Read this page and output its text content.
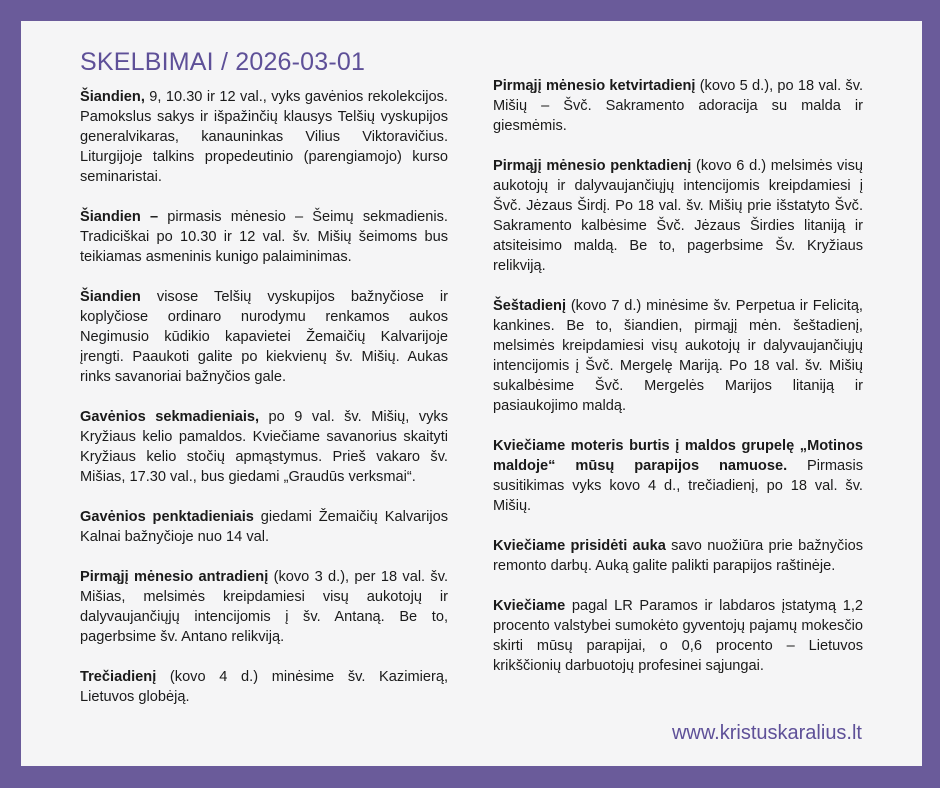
SKELBIMAI / 2026-03-01

Šiandien, 9, 10.30 ir 12 val., vyks gavėnios rekolekcijos. Pamokslus sakys ir išpažinčių klausys Telšių vyskupijos generalvikaras, kanauninkas Vilius Viktoravičius. Liturgijoje talkins propedeutinio (parengiamojo) kurso seminaristai.

Šiandien – pirmasis mėnesio – Šeimų sekmadienis. Tradiciškai po 10.30 ir 12 val. šv. Mišių šeimoms bus teikiamas asmeninis kunigo palaiminimas.

Šiandien visose Telšių vyskupijos bažnyčiose ir koplyčiose ordinaro nurodymu renkamos aukos Negimusio kūdikio kapavietei Žemaičių Kalvarijoje įrengti. Paaukoti galite po kiekvienų šv. Mišių. Aukas rinks savanoriai bažnyčios gale.

Gavėnios sekmadieniais, po 9 val. šv. Mišių, vyks Kryžiaus kelio pamaldos. Kviečiame savanorius skaityti Kryžiaus kelio stočių apmąstymus. Prieš vakaro šv. Mišias, 17.30 val., bus giedami „Graudūs verksmai“.

Gavėnios penktadieniais giedami Žemaičių Kalvarijos Kalnai bažnyčioje nuo 14 val.

Pirmąjį mėnesio antradienį (kovo 3 d.), per 18 val. šv. Mišias, melsimės kreipdamiesi visų aukotojų ir dalyvaujančiųjų intencijomis į šv. Antaną. Be to, pagerbsime šv. Antano relikviją.

Trečiadienį (kovo 4 d.) minėsime šv. Kazimierą, Lietuvos globėją.

Pirmąjį mėnesio ketvirtadienį (kovo 5 d.), po 18 val. šv. Mišių – Švč. Sakramento adoracija su malda ir giesmėmis.

Pirmąjį mėnesio penktadienį (kovo 6 d.) melsimės visų aukotojų ir dalyvaujančiųjų intencijomis kreipdamiesi į Švč. Jėzaus Širdį. Po 18 val. šv. Mišių prie išstatyto Švč. Sakramento kalbėsime Švč. Jėzaus Širdies litaniją ir atsiteisimo maldą. Be to, pagerbsime Šv. Kryžiaus relikviją.

Šeštadienį (kovo 7 d.) minėsime šv. Perpetua ir Felicitą, kankines. Be to, šiandien, pirmąjį mėn. šeštadienį, melsimės kreipdamiesi visų aukotojų ir dalyvaujančiųjų intencijomis į Švč. Mergelę Mariją. Po 18 val. šv. Mišių sukalbėsime Švč. Mergelės Marijos litaniją ir pasiaukojimo maldą.

Kviečiame moteris burtis į maldos grupelę „Motinos maldoje“ mūsų parapijos namuose. Pirmasis susitikimas vyks kovo 4 d., trečiadienį, po 18 val. šv. Mišių.

Kviečiame prisidėti auka savo nuožiūra prie bažnyčios remonto darbų. Auką galite palikti parapijos raštinėje.

Kviečiame pagal LR Paramos ir labdaros įstatymą 1,2 procento valstybei sumokėto gyventojų pajamų mokesčio skirti mūsų parapijai, o 0,6 procento – Lietuvos krikščionių darbuotojų profesinei sąjungai.

www.kristuskaralius.lt
